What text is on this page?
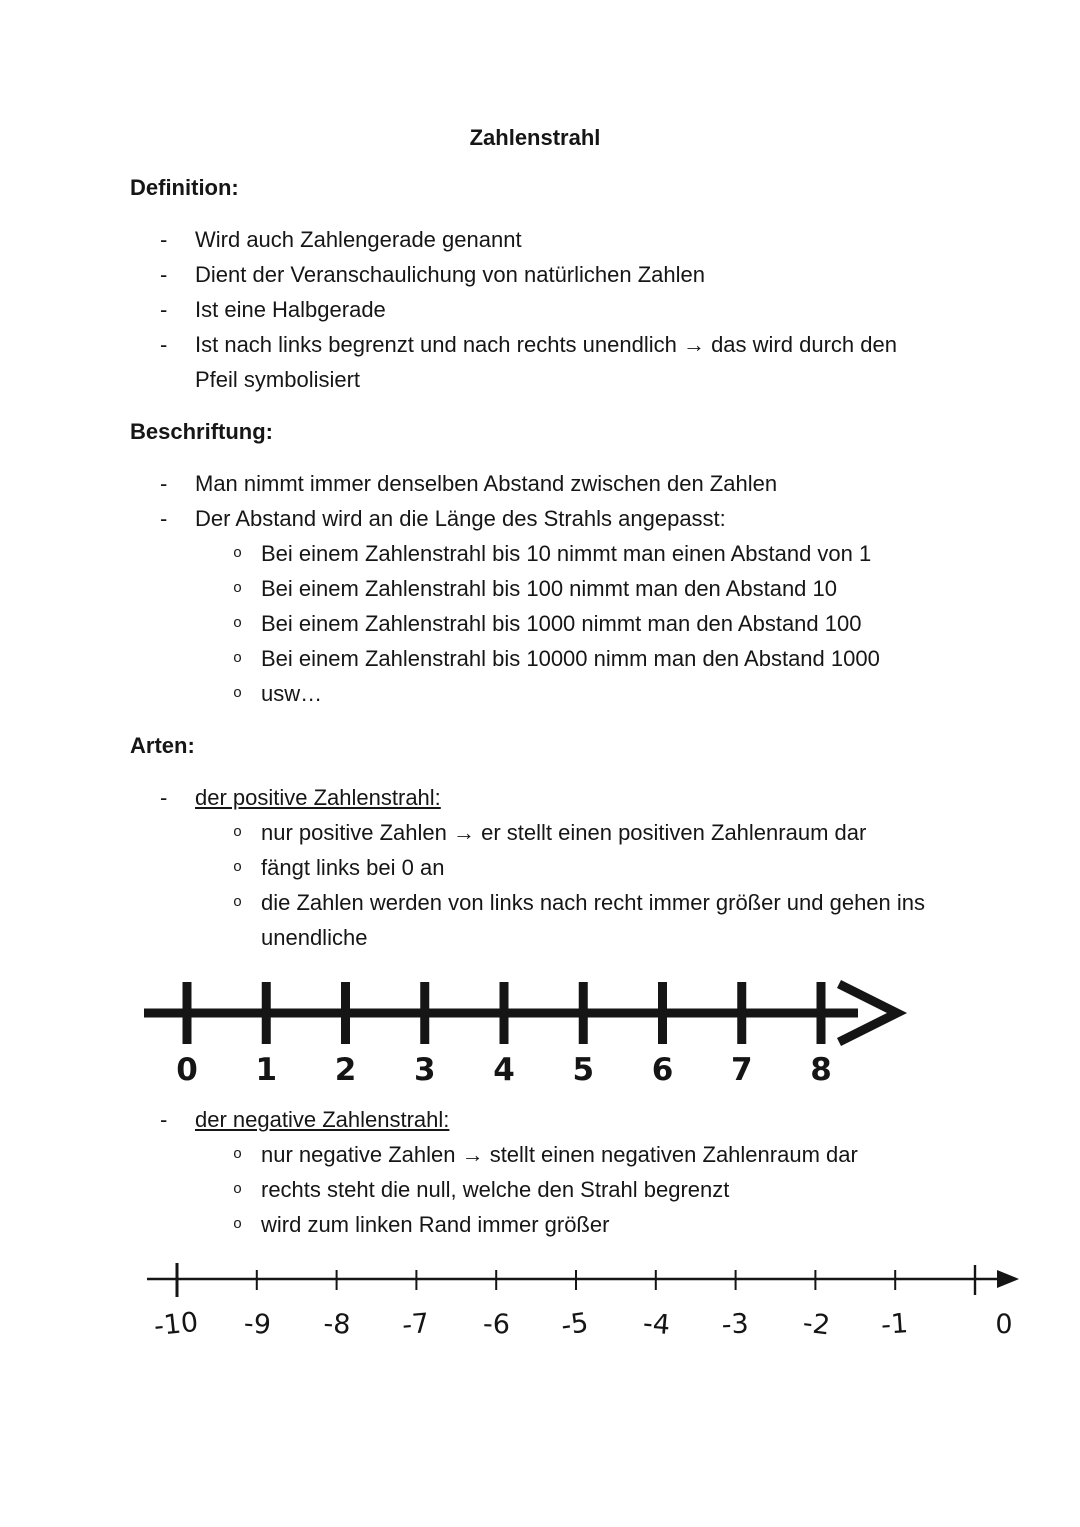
Zahlenstrahl
Definition:
-	Wird auch Zahlengerade genannt
-	Dient der Veranschaulichung von natürlichen Zahlen
-	Ist eine Halbgerade
-	Ist nach links begrenzt und nach rechts unendlich → das wird durch den Pfeil symbolisiert
Beschriftung:
-	Man nimmt immer denselben Abstand zwischen den Zahlen
-	Der Abstand wird an die Länge des Strahls angepasst:
o Bei einem Zahlenstrahl bis 10 nimmt man einen Abstand von 1
o Bei einem Zahlenstrahl bis 100 nimmt man den Abstand 10
o Bei einem Zahlenstrahl bis 1000 nimmt man den Abstand 100
o Bei einem Zahlenstrahl bis 10000 nimm man den Abstand 1000
o usw…
Arten:
-	der positive Zahlenstrahl:
o nur positive Zahlen → er stellt einen positiven Zahlenraum dar
o fängt links bei 0 an
o die Zahlen werden von links nach recht immer größer und gehen ins unendliche
0 1 2 3 4 5 6 7 8
-	der negative Zahlenstrahl:
o nur negative Zahlen → stellt einen negativen Zahlenraum dar
o rechts steht die null, welche den Strahl begrenzt
o wird zum linken Rand immer größer
-10 -9 -8 -7 -6 -5 -4 -3 -2 -1	0
